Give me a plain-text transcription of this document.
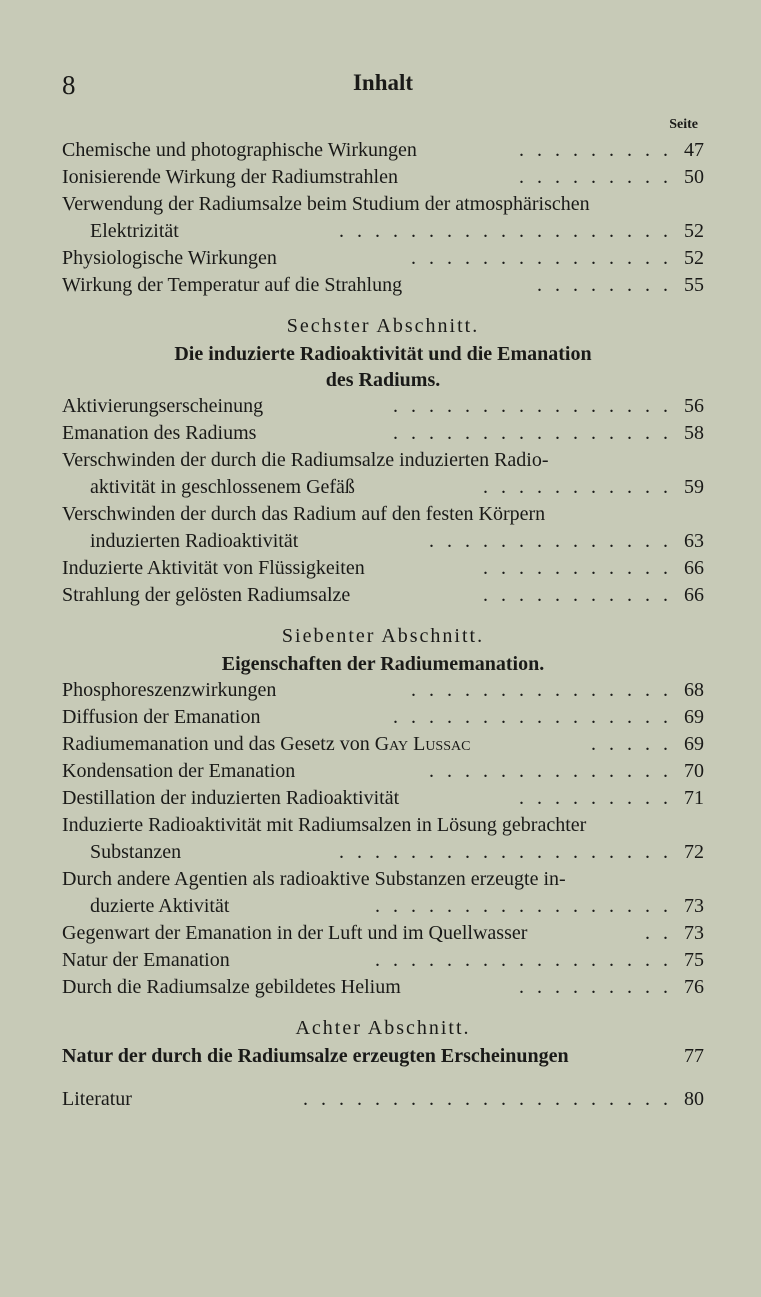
8	Inhalt
Seite
Chemische und photographische Wirkungen	. . . . . . . . . 47
Ionisierende Wirkung der Radiumstrahlen	. . . . . . . . . 50
Verwendung der Radiumsalze beim Studium der atmosphärischen
Elektrizität	. . . . . . . . . . . . . . . . . . . 52
Physiologische Wirkungen	. . . . . . . . . . . . . . . 52
Wirkung der Temperatur auf die Strahlung	. . . . . . . . 55
Sechster Abschnitt.
Die induzierte Radioaktivität und die Emanation
des Radiums.
Aktivierungserscheinung	. . . . . . . . . . . . . . . . 56
Emanation des Radiums	. . . . . . . . . . . . . . . . 58
Verschwinden der durch die Radiumsalze induzierten Radio-
aktivität in geschlossenem Gefäß	. . . . . . . . . . . 59
Verschwinden der durch das Radium auf den festen Körpern
induzierten Radioaktivität	. . . . . . . . . . . . . . 63
Induzierte Aktivität von Flüssigkeiten	. . . . . . . . . . . 66
Strahlung der gelösten Radiumsalze	. . . . . . . . . . . 66
Siebenter Abschnitt.
Eigenschaften der Radiumemanation.
Phosphoreszenzwirkungen	. . . . . . . . . . . . . . . 68
Diffusion der Emanation	. . . . . . . . . . . . . . . . 69
Radiumemanation und das Gesetz von Gay Lussac	. . . . . 69
Kondensation der Emanation	. . . . . . . . . . . . . . 70
Destillation der induzierten Radioaktivität	. . . . . . . . . 71
Induzierte Radioaktivität mit Radiumsalzen in Lösung gebrachter
Substanzen	. . . . . . . . . . . . . . . . . . . 72
Durch andere Agentien als radioaktive Substanzen erzeugte in-
duzierte Aktivität	. . . . . . . . . . . . . . . . . 73
Gegenwart der Emanation in der Luft und im Quellwasser	. . 73
Natur der Emanation	. . . . . . . . . . . . . . . . . 75
Durch die Radiumsalze gebildetes Helium	. . . . . . . . . 76
Achter Abschnitt.
Natur der durch die Radiumsalze erzeugten Erscheinungen	77
Literatur	. . . . . . . . . . . . . . . . . . . . . 80
